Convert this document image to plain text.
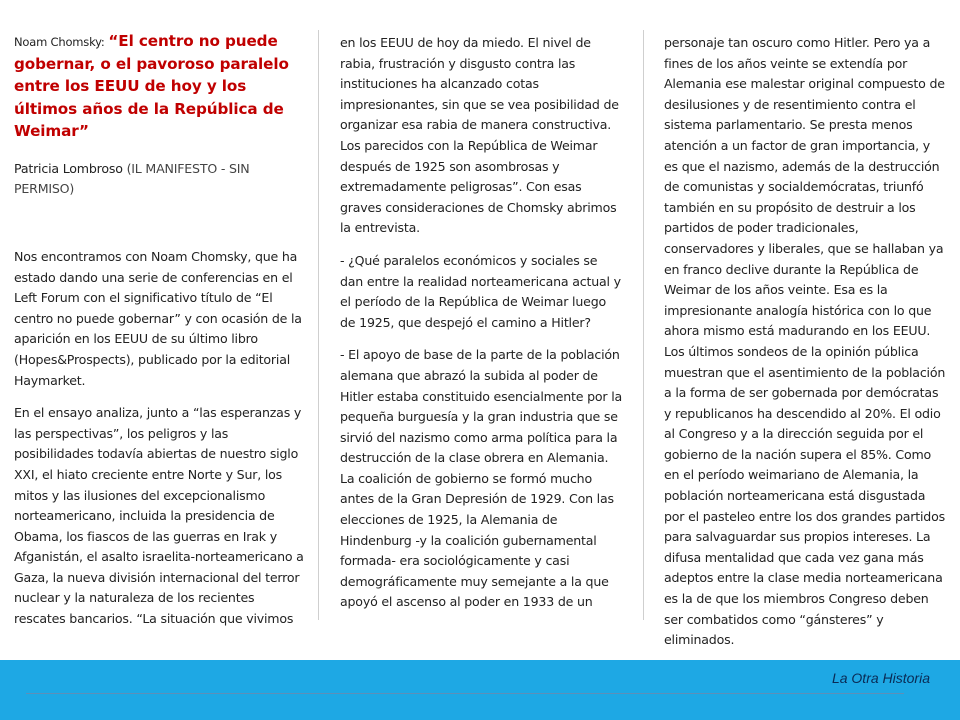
Noam Chomsky: “El centro no puede gobernar, o el pavoroso paralelo entre los EEUU de hoy y los últimos años de la República de Weimar”
Patricia Lombroso (IL MANIFESTO - SIN PERMISO)

Nos encontramos con Noam Chomsky, que ha estado dando una serie de conferencias en el Left Forum con el significativo título de “El centro no puede gobernar” y con ocasión de la aparición en los EEUU de su último libro (Hopes&Prospects), publicado por la editorial Haymarket.

En el ensayo analiza, junto a “las esperanzas y las perspectivas”, los peligros y las posibilidades todavía abiertas de nuestro siglo XXI, el hiato creciente entre Norte y Sur, los mitos y las ilusiones del excepcionalismo norteamericano, incluida la presidencia de Obama, los fiascos de las guerras en Irak y Afganistán, el asalto israelita-norteamericano a Gaza, la nueva división internacional del terror nuclear y la naturaleza de los recientes rescates bancarios. “La situación que vivimos

en los EEUU de hoy da miedo. El nivel de rabia, frustración y disgusto contra las instituciones ha alcanzado cotas impresionantes, sin que se vea posibilidad de organizar esa rabia de manera constructiva. Los parecidos con la República de Weimar después de 1925 son asombrosas y extremadamente peligrosas”. Con esas graves consideraciones de Chomsky abrimos la entrevista.

- ¿Qué paralelos económicos y sociales se dan entre la realidad norteamericana actual y el período de la República de Weimar luego de 1925, que despejó el camino a Hitler?

- El apoyo de base de la parte de la población alemana que abrazó la subida al poder de Hitler estaba constituido esencialmente por la pequeña burguesía y la gran industria que se sirvió del nazismo como arma política para la destrucción de la clase obrera en Alemania. La coalición de gobierno se formó mucho antes de la Gran Depresión de 1929. Con las elecciones de 1925, la Alemania de Hindenburg -y la coalición gubernamental formada- era sociológicamente y casi demográficamente muy semejante a la que apoyó el ascenso al poder en 1933 de un

personaje tan oscuro como Hitler. Pero ya a fines de los años veinte se extendía por Alemania ese malestar original compuesto de desilusiones y de resentimiento contra el sistema parlamentario. Se presta menos atención a un factor de gran importancia, y es que el nazismo, además de la destrucción de comunistas y socialdemócratas, triunfó también en su propósito de destruir a los partidos de poder tradicionales, conservadores y liberales, que se hallaban ya en franco declive durante la República de Weimar de los años veinte. Esa es la impresionante analogía histórica con lo que ahora mismo está madurando en los EEUU. Los últimos sondeos de la opinión pública muestran que el asentimiento de la población a la forma de ser gobernada por demócratas y republicanos ha descendido al 20%. El odio al Congreso y a la dirección seguida por el gobierno de la nación supera el 85%. Como en el período weimariano de Alemania, la población norteamericana está disgustada por el pasteleo entre los dos grandes partidos para salvaguardar sus propios intereses. La difusa mentalidad que cada vez gana más adeptos entre la clase media norteamericana es la de que los miembros Congreso deben ser combatidos como “gánsteres” y eliminados.

La Otra Historia
